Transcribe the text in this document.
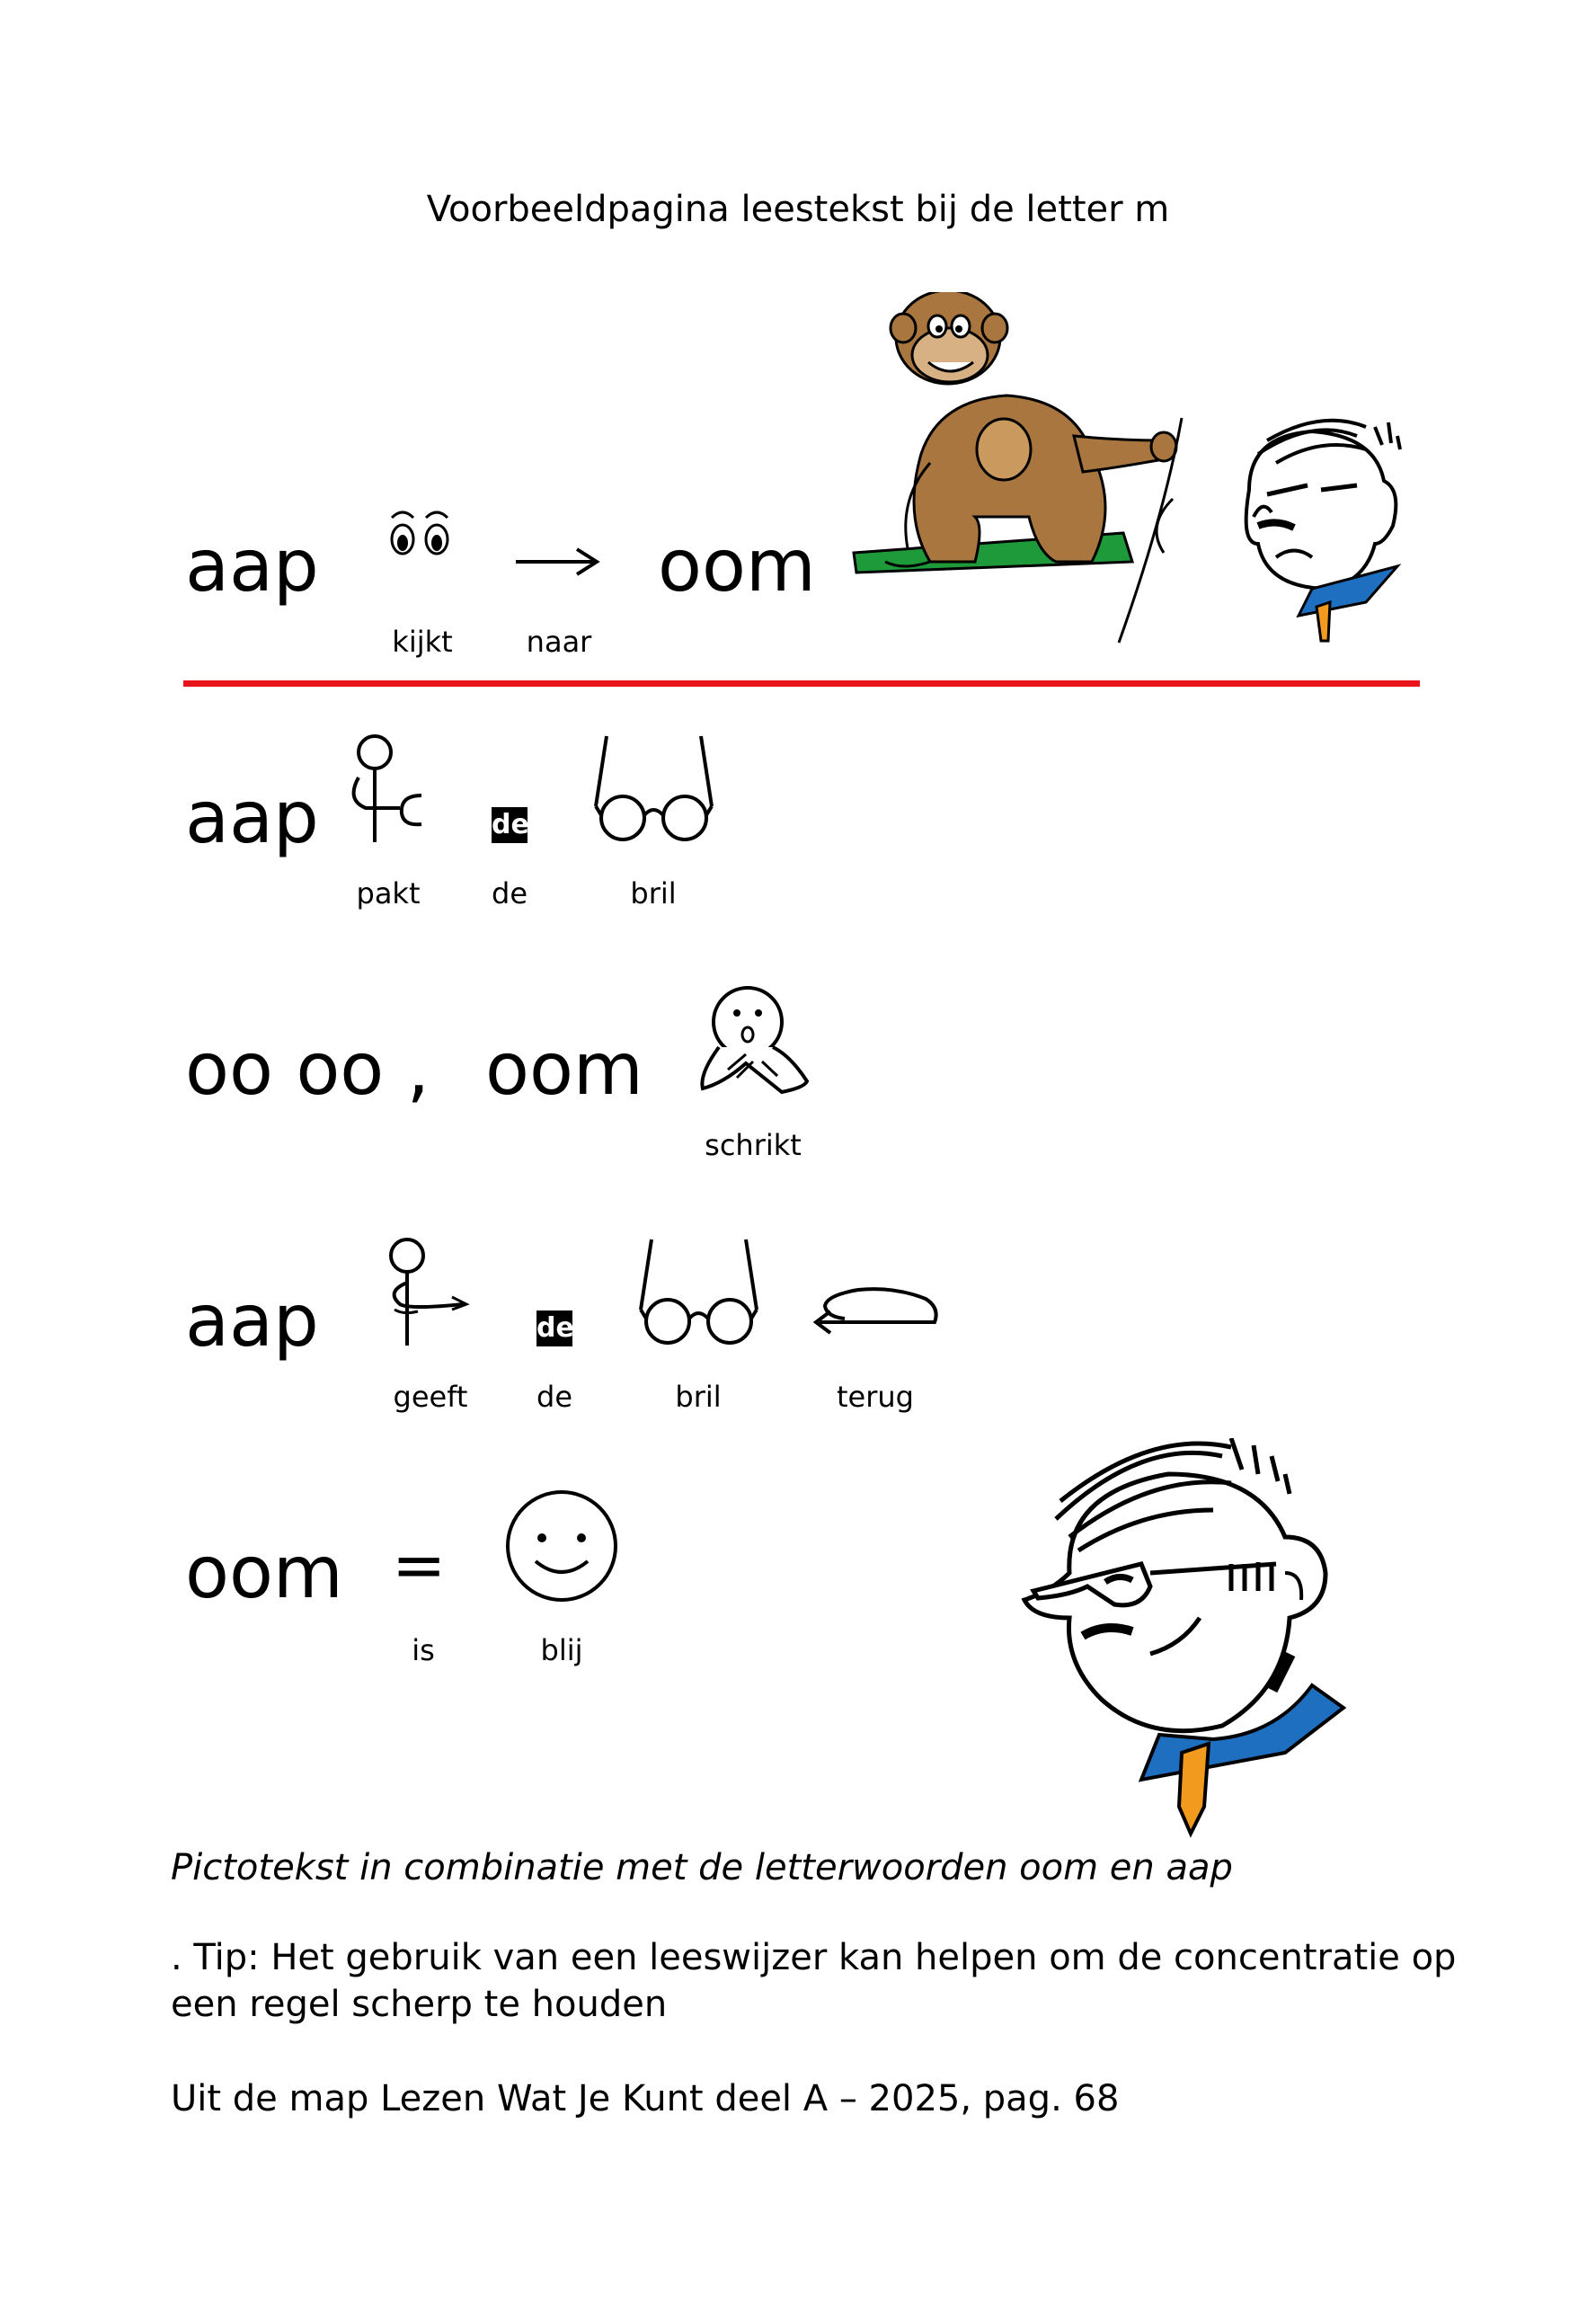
Voorbeeldpagina leestekst bij de letter m
aap
kijkt	naar
oom
aap
pakt
de
de	bril
oo oo , oom
schrikt
aap
geeft
de
de	bril	terug
oom =
is	blij
Pictotekst in combinatie met de letterwoorden oom en aap
. Tip: Het gebruik van een leeswijzer kan helpen om de concentratie op een regel scherp te houden
Uit de map Lezen Wat Je Kunt deel A – 2025, pag. 68
